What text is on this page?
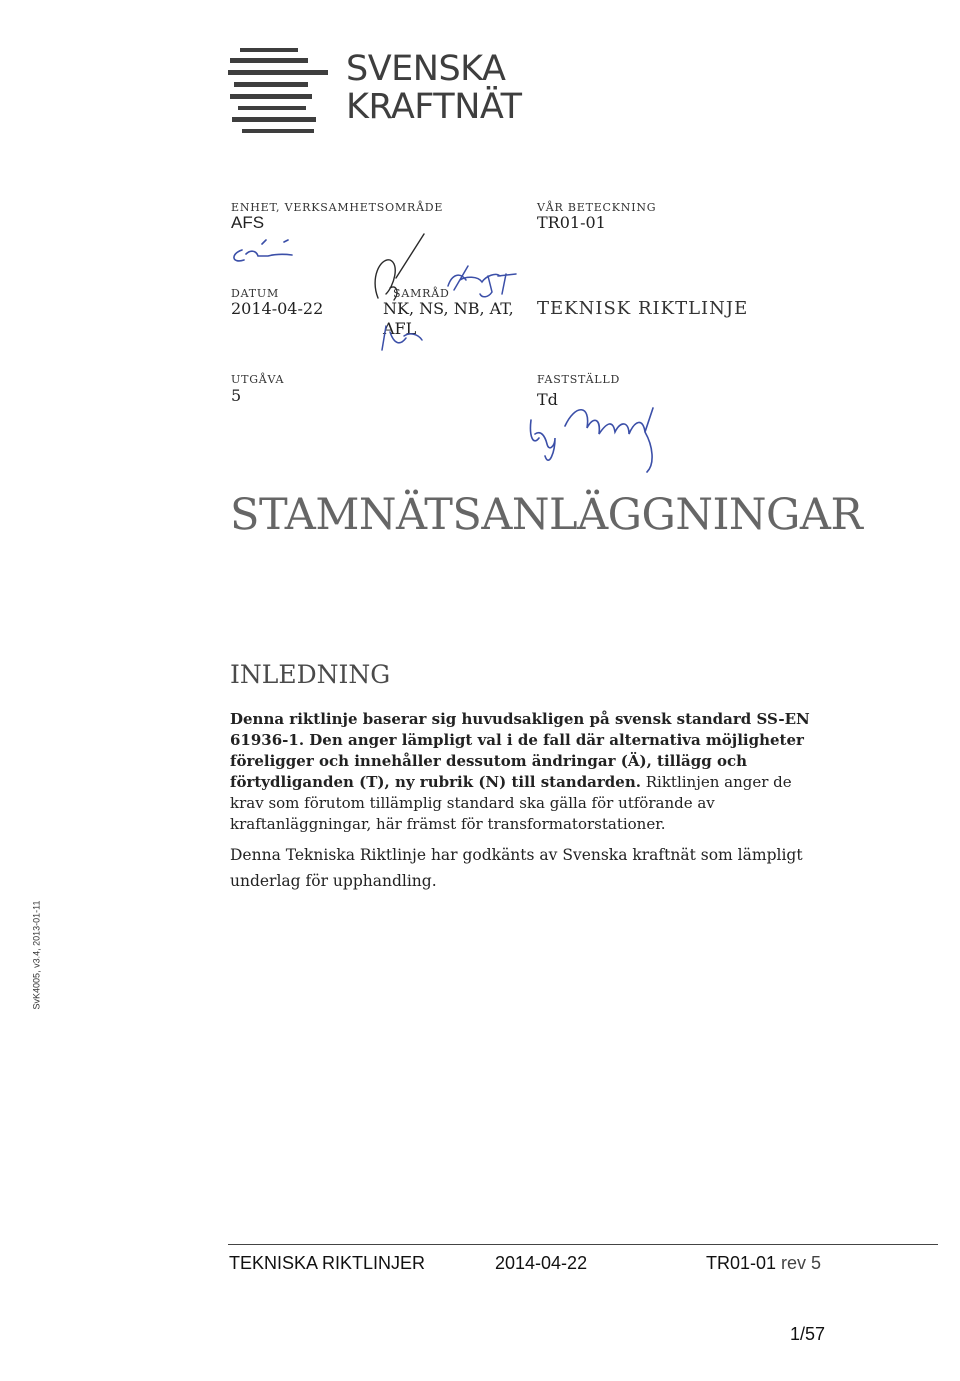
SVENSKA
KRAFTNÄT
ENHET, VERKSAMHETSOMRÅDE
AFS
VÅR BETECKNING
TR01-01
DATUM
2014-04-22
SAMRÅD
NK, NS, NB, AT,
AFL
TEKNISK RIKTLINJE
UTGÅVA
5
FASTSTÄLLD
Td
STAMNÄTSANLÄGGNINGAR
INLEDNING
Denna riktlinje baserar sig huvudsakligen på svensk standard SS-EN 61936-1. Den anger lämpligt val i de fall där alternativa möjligheter föreligger och innehåller dessutom ändringar (Ä), tillägg och förtydliganden (T), ny rubrik (N) till standarden. Riktlinjen anger de krav som förutom tillämplig standard ska gälla för utförande av kraftanläggningar, här främst för transformatorstationer.
Denna Tekniska Riktlinje har godkänts av Svenska kraftnät som lämpligt underlag för upphandling.
SvK4005, v3.4, 2013-01-11
TEKNISKA RIKTLINJER	2014-04-22	TR01-01 rev 5
1/57
